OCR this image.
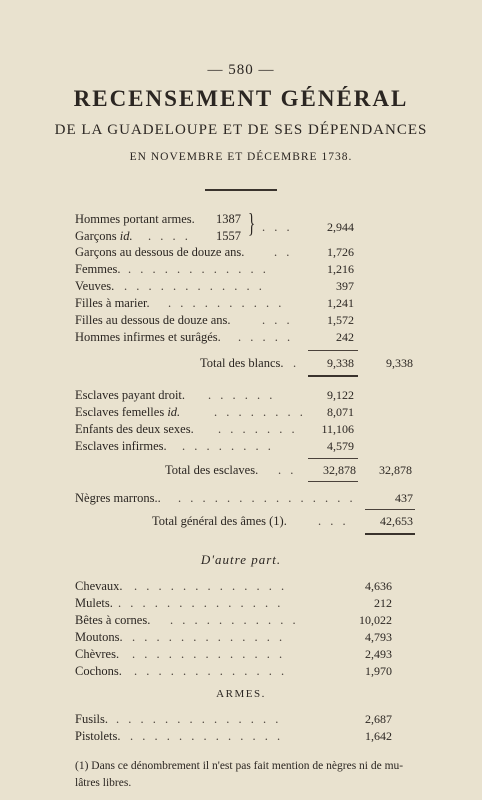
— 580 —
RECENSEMENT GÉNÉRAL
DE LA GUADELOUPE ET DE SES DÉPENDANCES
EN NOVEMBRE ET DÉCEMBRE 1738.
Hommes portant armes. 1387
Garçons id. . . . . 1557 } . . .	2,944
Garçons au dessous de douze ans. . .	1,726
Femmes. . . . . . . . . . . . .	1,216
Veuves. . . . . . . . . . . . .	397
Filles à marier. . . . . . . . . . .	1,241
Filles au dessous de douze ans.	. . .	1,572
Hommes infirmes et surâgés. . . . . .	242
Total des blancs. .	9,338	9,338
Esclaves payant droit. . . . . . .	9,122
Esclaves femelles id.	. . . . . . . .	8,071
Enfants des deux sexes. . . . . . . .	11,106
Esclaves infirmes. . . . . . . . .	4,579
Total des esclaves. . .	32,878	32,878
Nègres marrons.. . . . . . . . . . . . . . . .	437
Total général des âmes (1). . . .	42,653
D'autre part.
Chevaux. . . . . . . . . . . . . .	4,636
Mulets. . . . . . . . . . . . . . .	212
Bêtes à cornes. . . . . . . . . . . .	10,022
Moutons. . . . . . . . . . . . . .	4,793
Chèvres. . . . . . . . . . . . . .	2,493
Cochons. . . . . . . . . . . . . .	1,970
ARMES.
Fusils. . . . . . . . . . . . . . .	2,687
Pistolets. . . . . . . . . . . . . .	1,642
(1) Dans ce dénombrement il n'est pas fait mention de nègres ni de mu-
lâtres libres.
